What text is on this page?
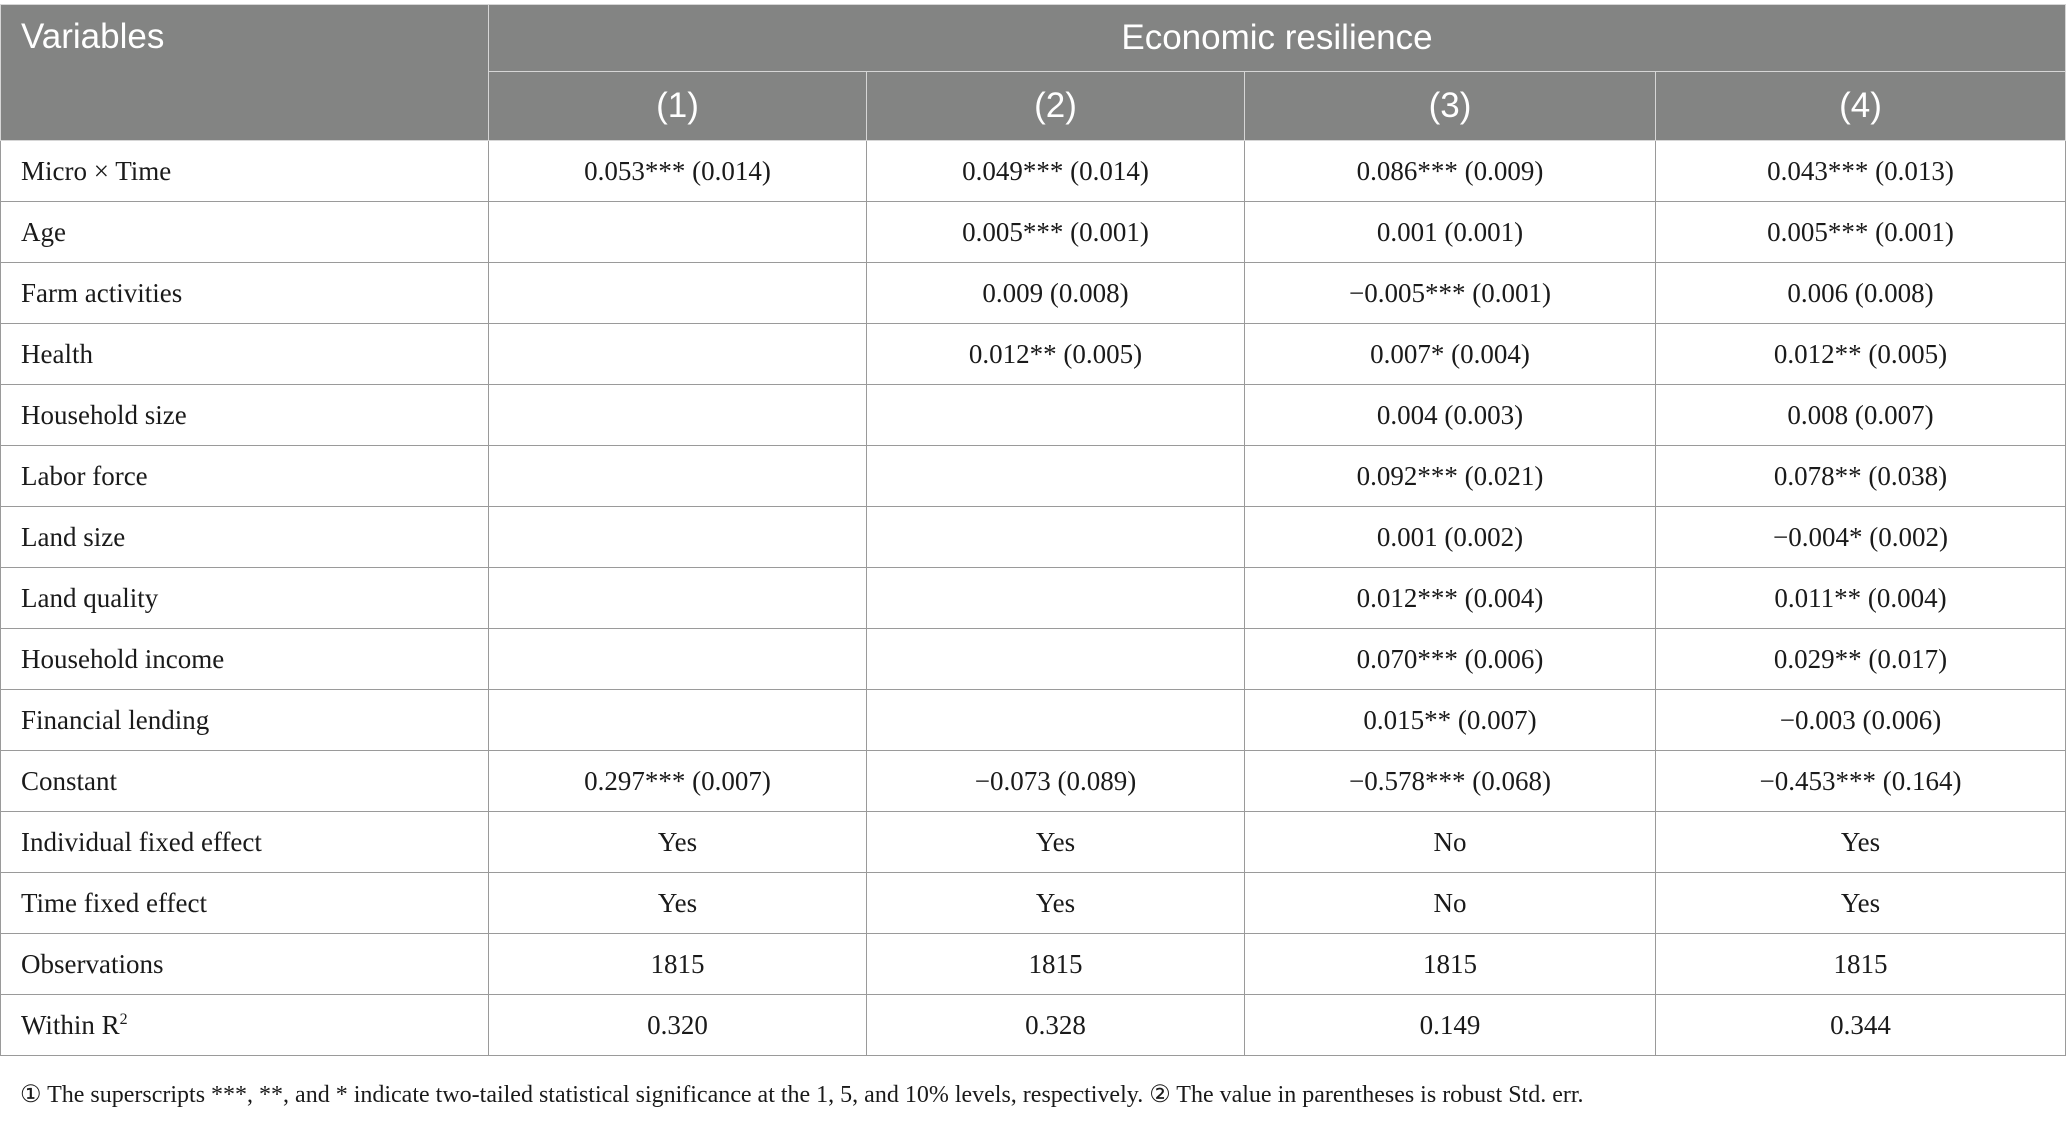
Variables	Economic resilience			
	(1)	(2)	(3)	(4)
Micro × Time	0.053*** (0.014)	0.049*** (0.014)	0.086*** (0.009)	0.043*** (0.013)
Age		0.005*** (0.001)	0.001 (0.001)	0.005*** (0.001)
Farm activities		0.009 (0.008)	−0.005*** (0.001)	0.006 (0.008)
Health		0.012** (0.005)	0.007* (0.004)	0.012** (0.005)
Household size			0.004 (0.003)	0.008 (0.007)
Labor force			0.092*** (0.021)	0.078** (0.038)
Land size			0.001 (0.002)	−0.004* (0.002)
Land quality			0.012*** (0.004)	0.011** (0.004)
Household income			0.070*** (0.006)	0.029** (0.017)
Financial lending			0.015** (0.007)	−0.003 (0.006)
Constant	0.297*** (0.007)	−0.073 (0.089)	−0.578*** (0.068)	−0.453*** (0.164)
Individual fixed effect	Yes	Yes	No	Yes
Time fixed effect	Yes	Yes	No	Yes
Observations	1815	1815	1815	1815
Within $R^2$	0.320	0.328	0.149	0.344
① The superscripts ***, **, and * indicate two-tailed statistical significance at the 1, 5, and 10% levels, respectively. ② The value in parentheses is robust Std. err.
